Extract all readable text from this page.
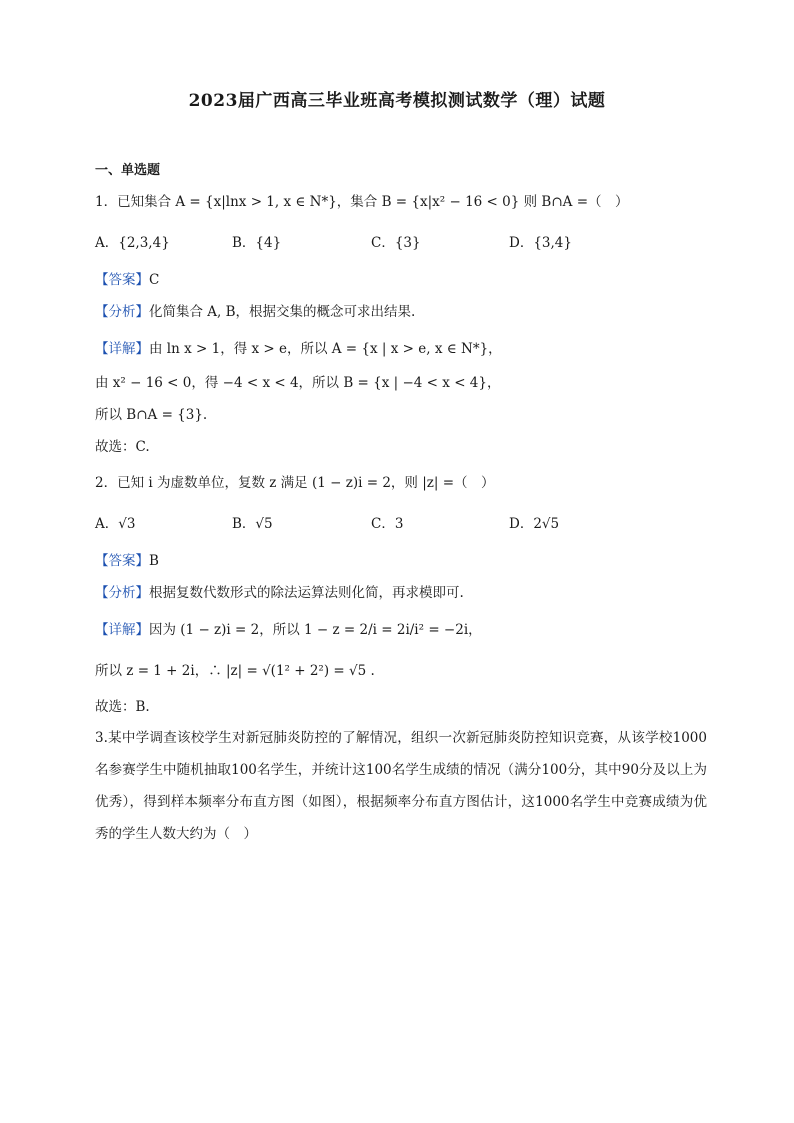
2023届广西高三毕业班高考模拟测试数学（理）试题
一、单选题
1．已知集合 A = {x|lnx > 1, x ∈ N*}，集合 B = {x|x² − 16 < 0} 则 B∩A =（　）
A．{2,3,4}	B．{4}	C．{3}	D．{3,4}
【答案】C
【分析】化简集合 A, B，根据交集的概念可求出结果.
【详解】由 ln x > 1，得 x > e，所以 A = {x | x > e, x ∈ N*}，
由 x² − 16 < 0，得 −4 < x < 4，所以 B = {x | −4 < x < 4}，
所以 B∩A = {3}.
故选：C.
2．已知 i 为虚数单位，复数 z 满足 (1 − z)i = 2，则 |z| =（　）
A．√3	B．√5	C．3	D．2√5
【答案】B
【分析】根据复数代数形式的除法运算法则化简，再求模即可.
【详解】因为 (1 − z)i = 2，所以 1 − z = 2/i = 2i/i² = −2i，
所以 z = 1 + 2i，∴ |z| = √(1² + 2²) = √5 .
故选：B.
3.某中学调查该校学生对新冠肺炎防控的了解情况，组织一次新冠肺炎防控知识竞赛，从该学校1000名参赛学生中随机抽取100名学生，并统计这100名学生成绩的情况（满分100分，其中90分及以上为优秀），得到样本频率分布直方图（如图），根据频率分布直方图估计，这1000名学生中竞赛成绩为优秀的学生人数大约为（　）
